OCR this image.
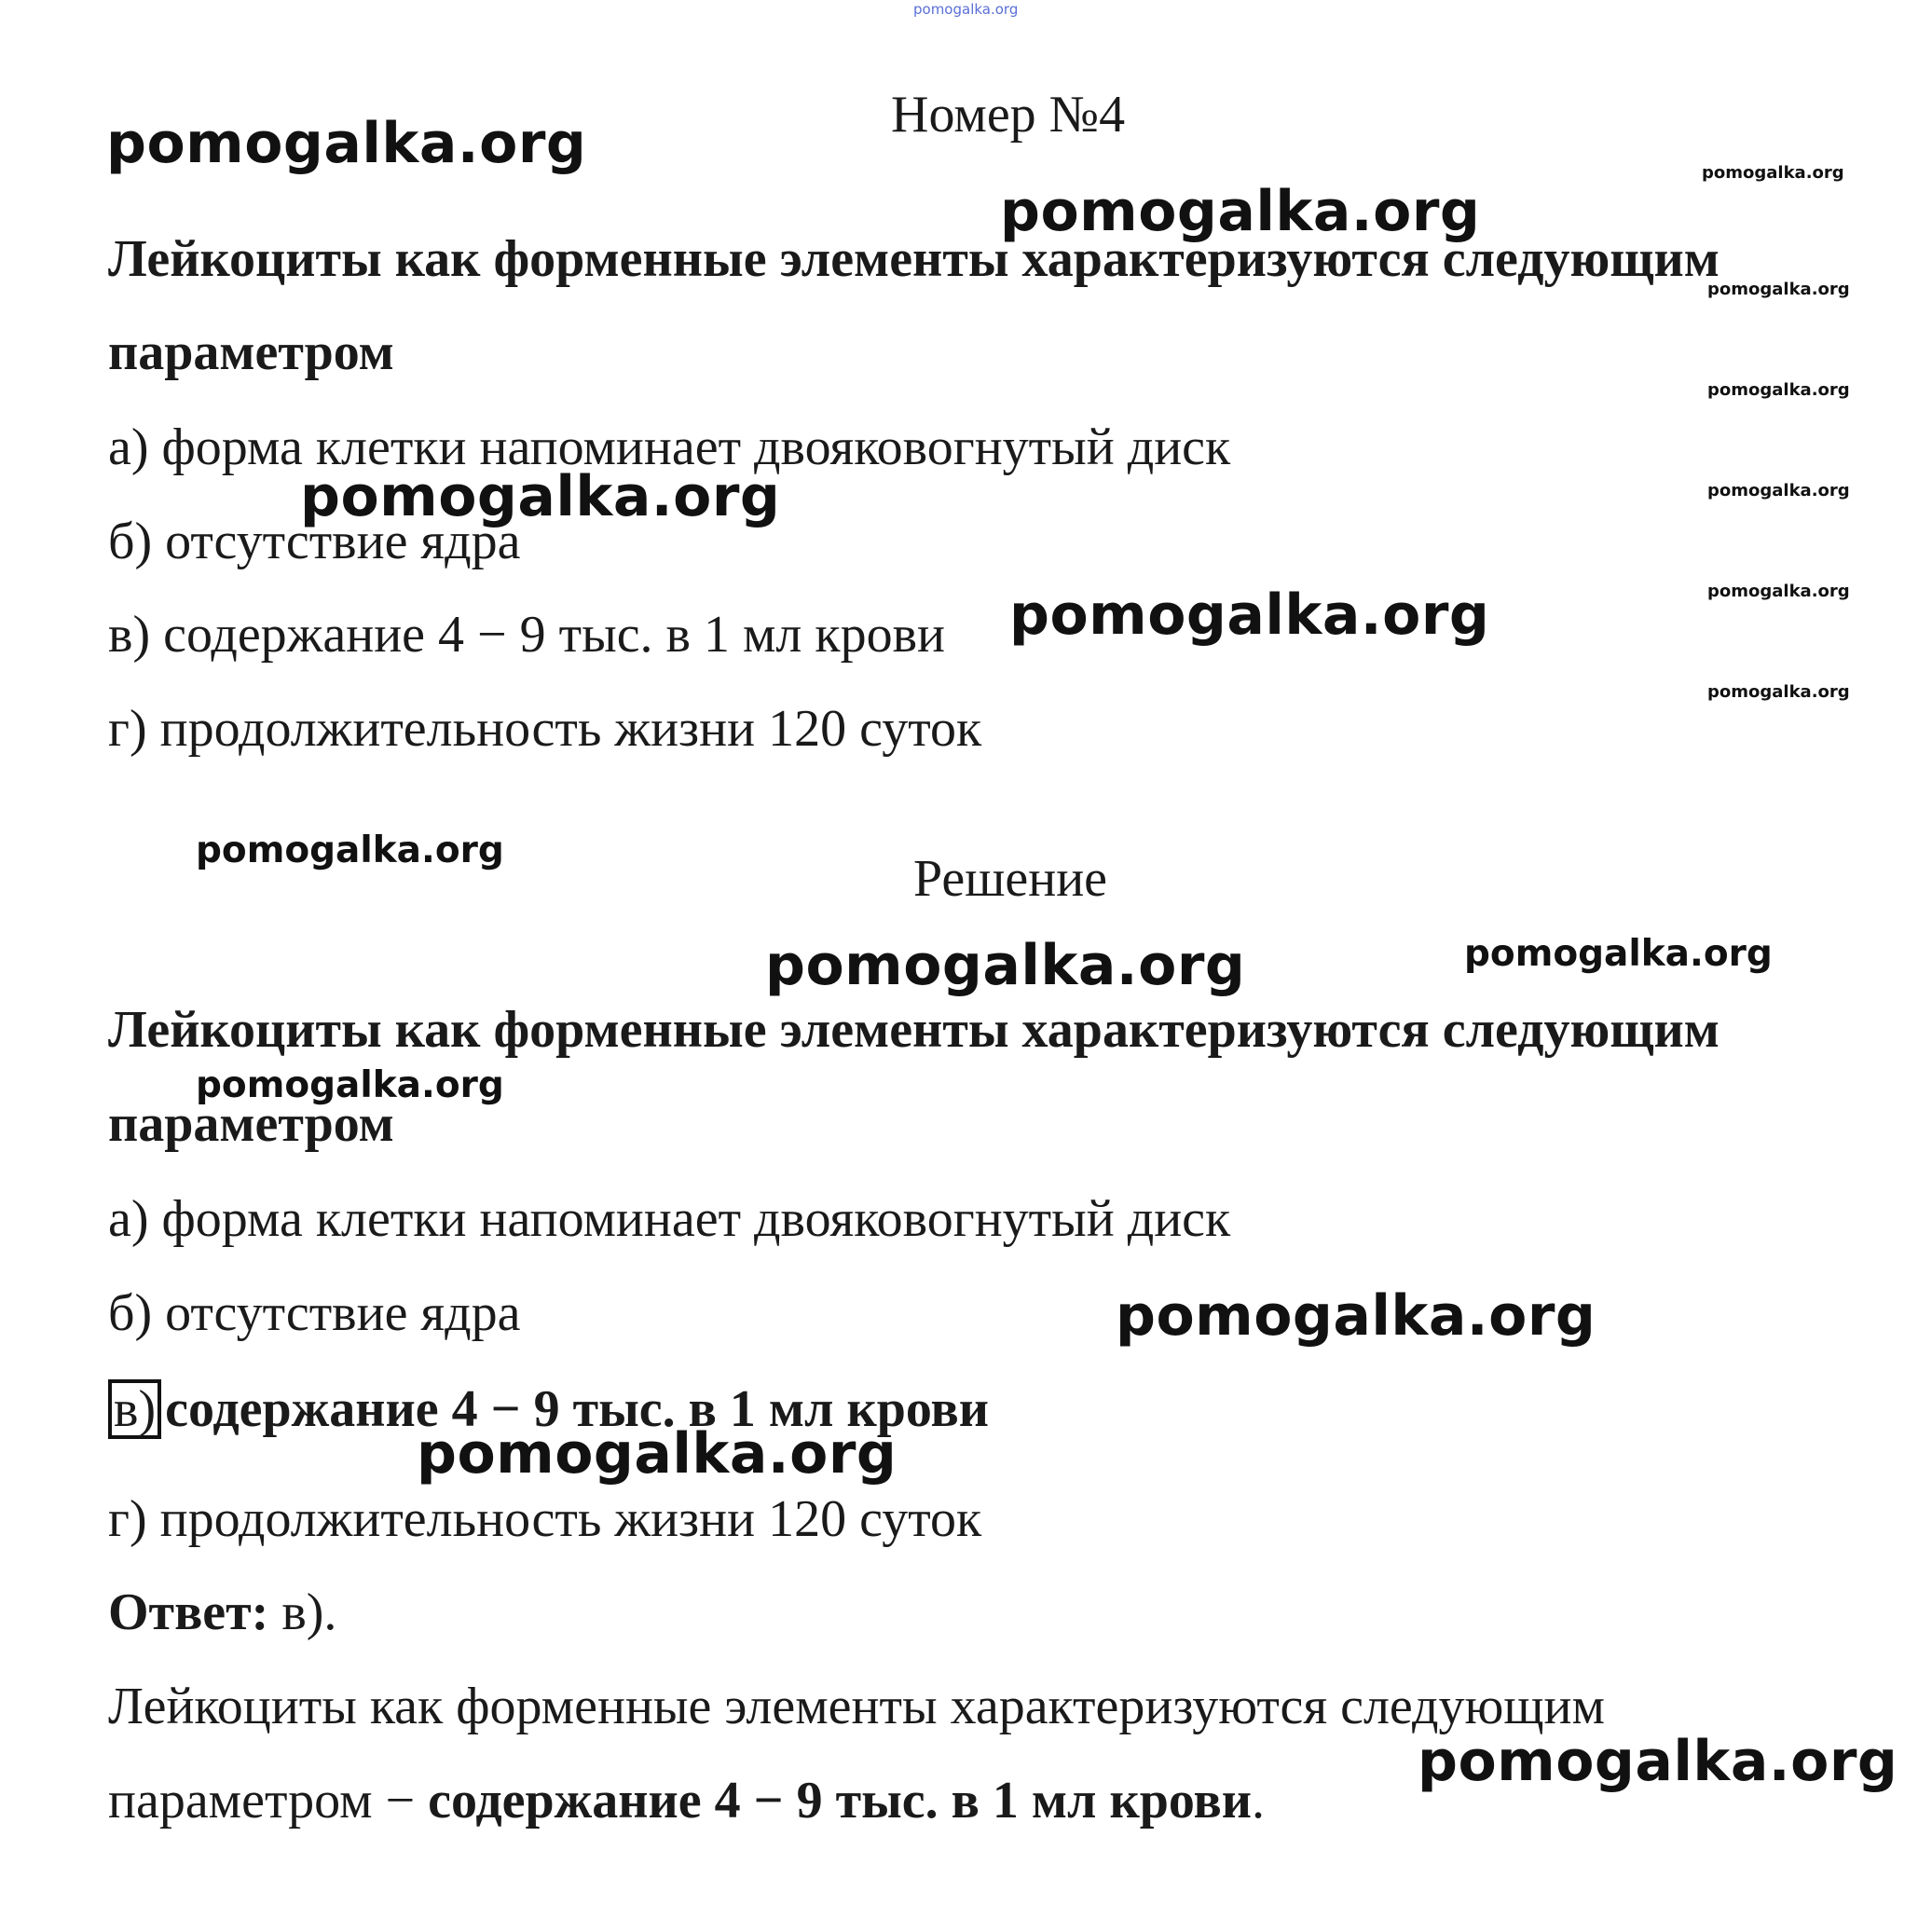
pomogalka.org
Номер №4
Лейкоциты как форменные элементы характеризуются следующим
параметром
а) форма клетки напоминает двояковогнутый диск
б) отсутствие ядра
в) содержание 4 − 9 тыс. в 1 мл крови
г) продолжительность жизни 120 суток
Решение
Лейкоциты как форменные элементы характеризуются следующим
параметром
а) форма клетки напоминает двояковогнутый диск
б) отсутствие ядра
в) содержание 4 − 9 тыс. в 1 мл крови
г) продолжительность жизни 120 суток
Ответ: в).
Лейкоциты как форменные элементы характеризуются следующим
параметром − содержание 4 − 9 тыс. в 1 мл крови.
pomogalka.org
pomogalka.org
pomogalka.org
pomogalka.org
pomogalka.org
pomogalka.org
pomogalka.org
pomogalka.org
pomogalka.org
pomogalka.org
pomogalka.org
pomogalka.org
pomogalka.org
pomogalka.org
pomogalka.org
pomogalka.org
pomogalka.org
